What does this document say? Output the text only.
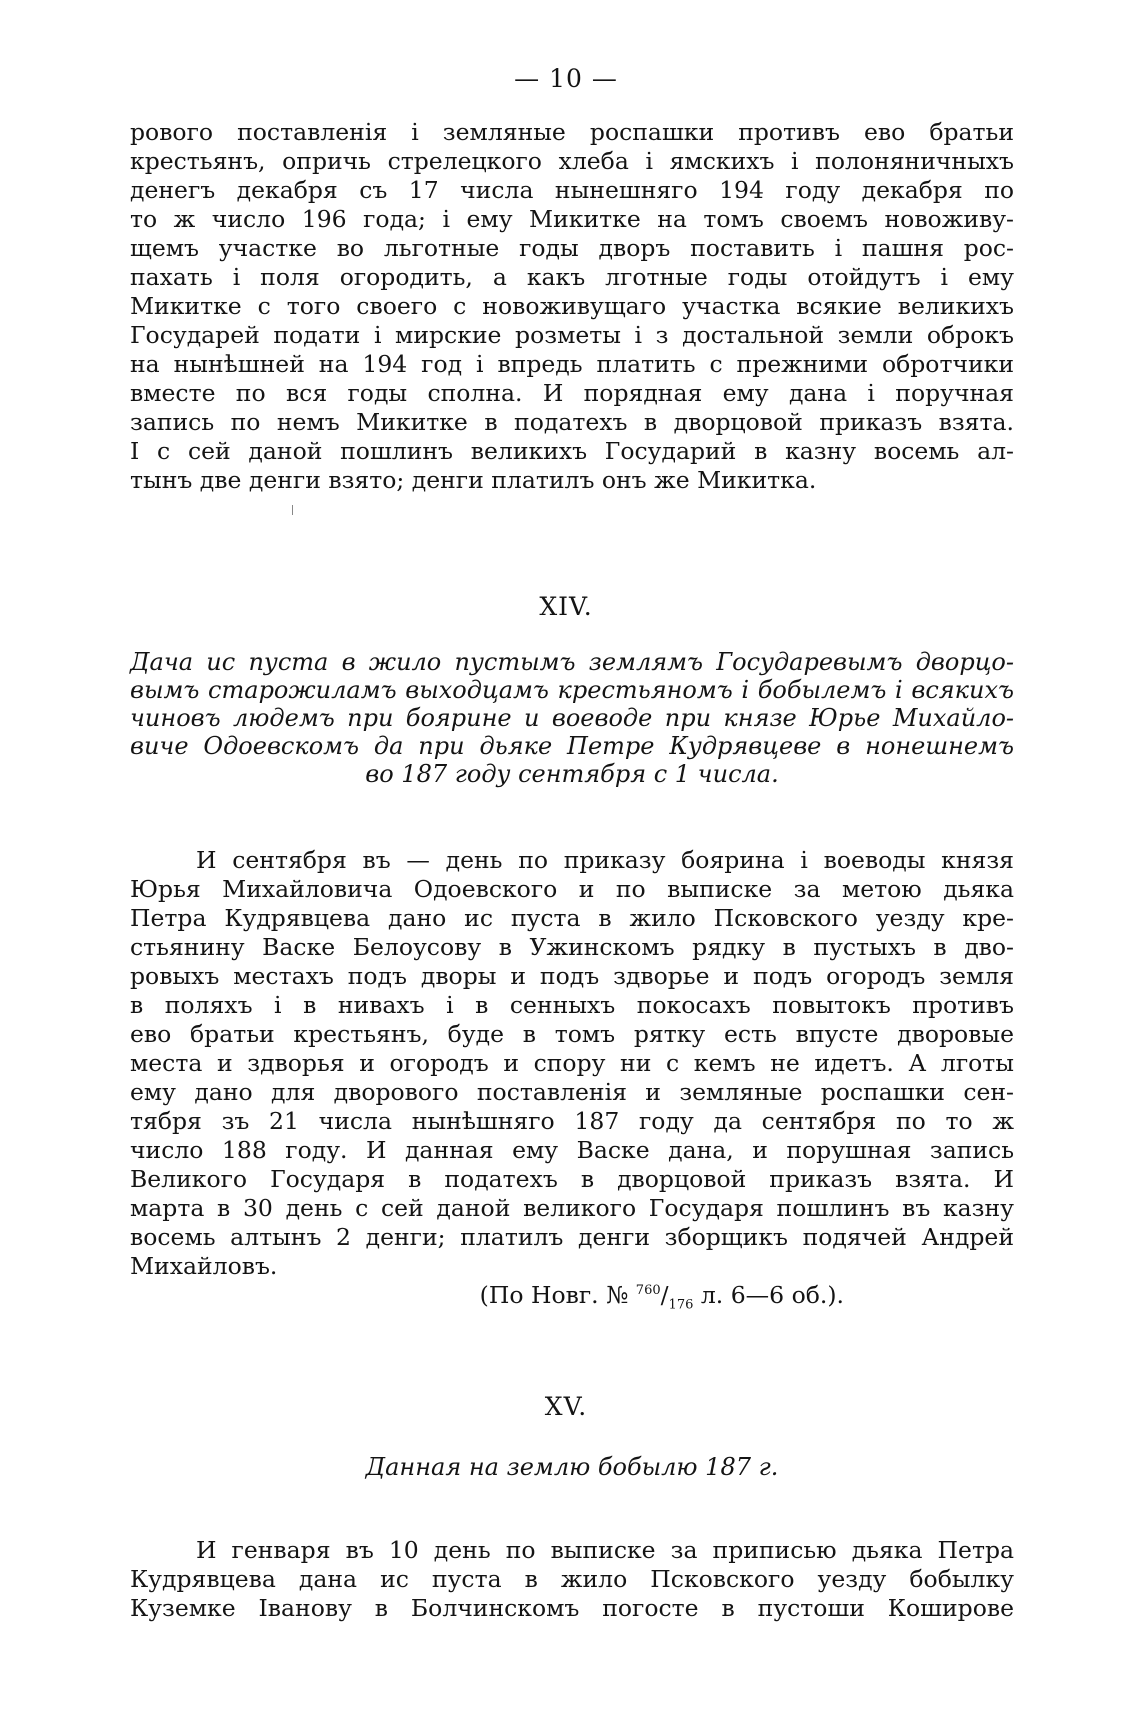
— 10 —
рового поставленія і земляные роспашки противъ ево братьи
крестьянъ, опричь стрелецкого хлеба і ямскихъ і полоняничныхъ
денегъ декабря съ 17 числа нынешняго 194 году декабря по
то ж число 196 года; і ему Микитке на томъ своемъ новоживу-
щемъ участке во льготные годы дворъ поставить і пашня рос-
пахать і поля огородить, а какъ лготные годы отойдутъ і ему
Микитке с того своего с новоживущаго участка всякие великихъ
Государей подати і мирские розметы і з достальной земли оброкъ
на нынѣшней на 194 год і впредь платить с прежними обротчики
вместе по вся годы сполна. И порядная ему дана і поручная
запись по немъ Микитке в податехъ в дворцовой приказъ взята.
І с сей даной пошлинъ великихъ Государий в казну восемь ал-
тынъ две денги взято; денги платилъ онъ же Микитка.
XIV.
Дача ис пуста в жило пустымъ землямъ Государевымъ дворцо-
вымъ старожиламъ выходцамъ крестьяномъ і бобылемъ і всякихъ
чиновъ людемъ при боярине и воеводе при князе Юрье Михайло-
виче Одоевскомъ да при дьяке Петре Кудрявцеве в нонешнемъ
во 187 году сентября с 1 числа.
И сентября въ — день по приказу боярина і воеводы князя
Юрья Михайловича Одоевского и по выписке за метою дьяка
Петра Кудрявцева дано ис пуста в жило Псковского уезду кре-
стьянину Васке Белоусову в Ужинскомъ рядку в пустыхъ в дво-
ровыхъ местахъ подъ дворы и подъ здворье и подъ огородъ земля
в поляхъ і в нивахъ і в сенныхъ покосахъ повытокъ противъ
ево братьи крестьянъ, буде в томъ рятку есть впусте дворовые
места и здворья и огородъ и спору ни с кемъ не идетъ. А лготы
ему дано для дворового поставленія и земляные роспашки сен-
тября зъ 21 числа нынѣшняго 187 году да сентября по то ж
число 188 году. И данная ему Васке дана, и порушная запись
Великого Государя в податехъ в дворцовой приказъ взята. И
марта в 30 день с сей даной великого Государя пошлинъ въ казну
восемь алтынъ 2 денги; платилъ денги зборщикъ подячей Андрей
Михайловъ.
(По Новг. № $^{760}/_{176}$ л. 6—6 об.).
XV.
Данная на землю бобылю 187 г.
И генваря въ 10 день по выписке за приписью дьяка Петра
Кудрявцева дана ис пуста в жило Псковского уезду бобылку
Куземке Іванову в Болчинскомъ погосте в пустоши Коширове
